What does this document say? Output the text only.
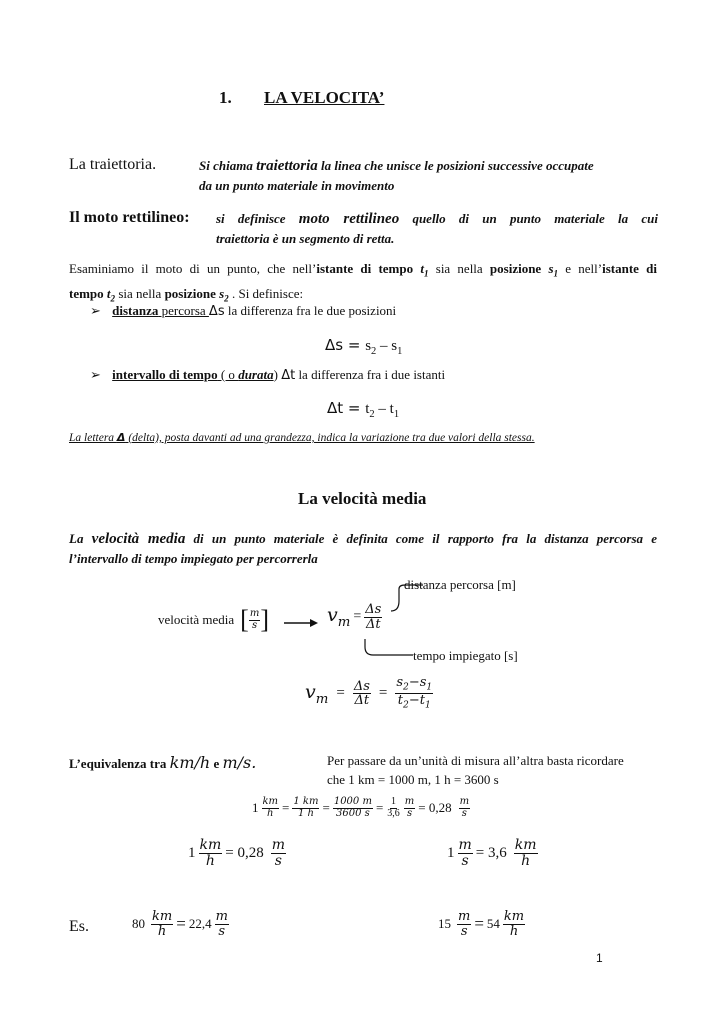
1. LA VELOCITA’
La traiettoria.	Si chiama traiettoria la linea che unisce le posizioni successive occupate
da un punto materiale in movimento
Il moto rettilineo: si definisce moto rettilineo quello di un punto materiale la cui
traiettoria è un segmento di retta.
Esaminiamo il moto di un punto, che nell’istante di tempo $t_1$ sia nella posizione $s_1$ e nell’istante di
tempo $t_2$ sia nella posizione $s_2$ . Si definisce:
➢ distanza percorsa Δs la differenza fra le due posizioni
$\Delta s = s_2 - s_1$
➢ intervallo di tempo ( o durata) Δt la differenza fra i due istanti
$\Delta t = t_2 - t_1$
La lettera Δ (delta), posta davanti ad una grandezza, indica la variazione tra due valori della stessa.
La velocità media
La velocità media di un punto materiale è definita come il rapporto fra la distanza percorsa e
l’intervallo di tempo impiegato per percorrerla
distanza percorsa [m]
velocità media [ $\frac{m}{s}$ ]	$v_m = \frac{\Delta s}{\Delta t}$
tempo impiegato [s]
$v_m = \frac{\Delta s}{\Delta t} = \frac{s_2-s_1}{t_2-t_1}$
L’equivalenza tra km/h e m/s.	Per passare da un’unità di misura all’altra basta ricordare
che 1 km = 1000 m, 1 h = 3600 s
$1 \frac{km}{h} = \frac{1 km}{1 h} = \frac{1000 m}{3600 s} = \frac{1}{3,6} \frac{m}{s} = 0,28 \frac{m}{s}$
$1 \frac{km}{h} = 0,28 \frac{m}{s}$	$1 \frac{m}{s} = 3,6 \frac{km}{h}$
Es.	$80 \frac{km}{h} = 22,4 \frac{m}{s}$	$15 \frac{m}{s} = 54 \frac{km}{h}$
1
